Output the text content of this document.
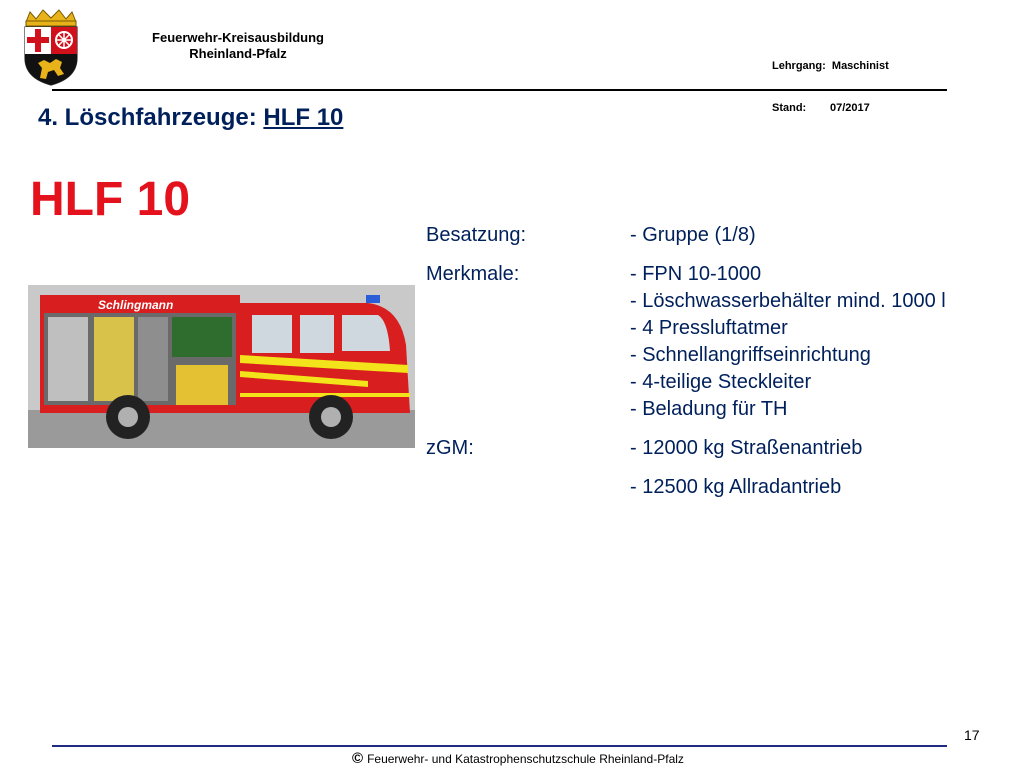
Feuerwehr-Kreisausbildung
Rheinland-Pfalz

Lehrgang: Maschinist

Stand: 07/2017

4. Löschfahrzeuge: HLF 10
HLF 10
Schlingmann
Besatzung:	- Gruppe (1/8)
Merkmale:	- FPN 10-1000
- Löschwasserbehälter mind. 1000 l
- 4 Pressluftatmer
- Schnellangriffseinrichtung
- 4-teilige Steckleiter
- Beladung für TH
zGM:	- 12000 kg Straßenantrieb
- 12500 kg Allradantrieb
17
© Feuerwehr- und Katastrophenschutzschule Rheinland-Pfalz
